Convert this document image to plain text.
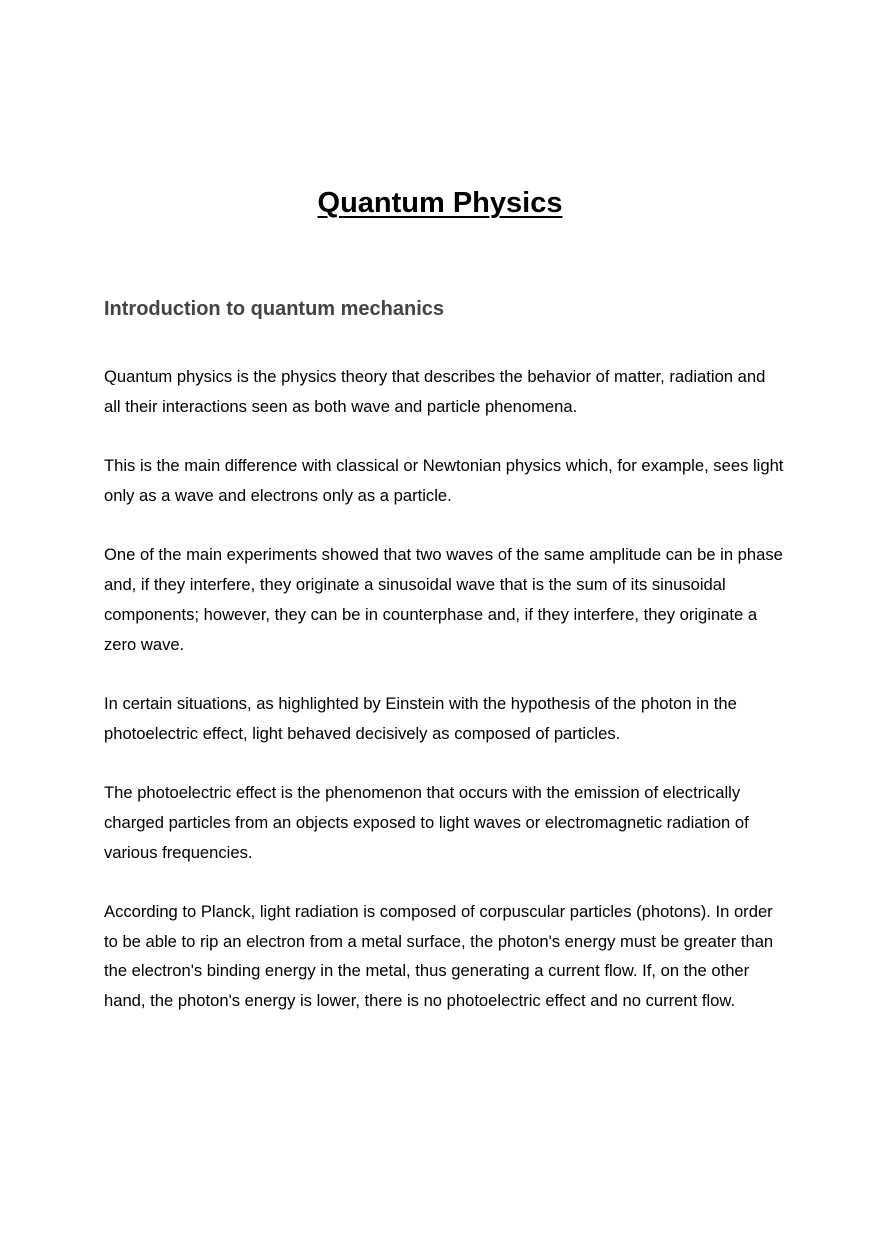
Quantum Physics
Introduction to quantum mechanics

Quantum physics is the physics theory that describes the behavior of matter, radiation and all their interactions seen as both wave and particle phenomena.

This is the main difference with classical or Newtonian physics which, for example, sees light only as a wave and electrons only as a particle.

One of the main experiments showed that two waves of the same amplitude can be in phase and, if they interfere, they originate a sinusoidal wave that is the sum of its sinusoidal components; however, they can be in counterphase and, if they interfere, they originate a zero wave.

In certain situations, as highlighted by Einstein with the hypothesis of the photon in the photoelectric effect, light behaved decisively as composed of particles.

The photoelectric effect is the phenomenon that occurs with the emission of electrically charged particles from an objects exposed to light waves or electromagnetic radiation of various frequencies.

According to Planck, light radiation is composed of corpuscular particles (photons). In order to be able to rip an electron from a metal surface, the photon's energy must be greater than the electron's binding energy in the metal, thus generating a current flow. If, on the other hand, the photon's energy is lower, there is no photoelectric effect and no current flow.
